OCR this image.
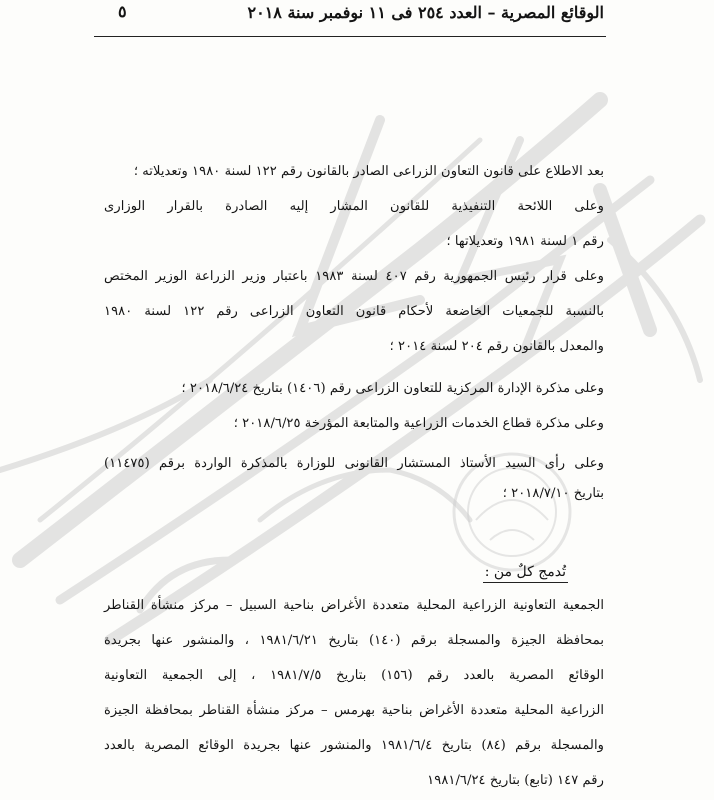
الوقائع المصرية – العدد ٢٥٤ فى ١١ نوفمبر سنة ٢٠١٨
٥
بعد الاطلاع على قانون التعاون الزراعى الصادر بالقانون رقم ١٢٢ لسنة ١٩٨٠ وتعديلاته ؛
وعلى اللائحة التنفيذية للقانون المشار إليه الصادرة بالقرار الوزارى
رقم ١ لسنة ١٩٨١ وتعديلاتها ؛
وعلى قرار رئيس الجمهورية رقم ٤٠٧ لسنة ١٩٨٣ باعتبار وزير الزراعة الوزير المختص
بالنسبة للجمعيات الخاضعة لأحكام قانون التعاون الزراعى رقم ١٢٢ لسنة ١٩٨٠
والمعدل بالقانون رقم ٢٠٤ لسنة ٢٠١٤ ؛
وعلى مذكرة الإدارة المركزية للتعاون الزراعى رقم (١٤٠٦) بتاريخ ٢٠١٨/٦/٢٤ ؛
وعلى مذكرة قطاع الخدمات الزراعية والمتابعة المؤرخة ٢٠١٨/٦/٢٥ ؛
وعلى رأى السيد الأستاذ المستشار القانونى للوزارة بالمذكرة الواردة برقم (١١٤٧٥)
بتاريخ ٢٠١٨/٧/١٠ ؛
الجمعية التعاونية الزراعية المحلية متعددة الأغراض بناحية السبيل – مركز منشأة القناطر
بمحافظة الجيزة والمسجلة برقم (١٤٠) بتاريخ ١٩٨١/٦/٢١ ، والمنشور عنها بجريدة
الوقائع المصرية بالعدد رقم (١٥٦) بتاريخ ١٩٨١/٧/٥ ، إلى الجمعية التعاونية
الزراعية المحلية متعددة الأغراض بناحية بهرمس – مركز منشأة القناطر بمحافظة الجيزة
والمسجلة برقم (٨٤) بتاريخ ١٩٨١/٦/٤ والمنشور عنها بجريدة الوقائع المصرية بالعدد
رقم ١٤٧ (تابع) بتاريخ ١٩٨١/٦/٢٤
تُدمج كلٌ من :
